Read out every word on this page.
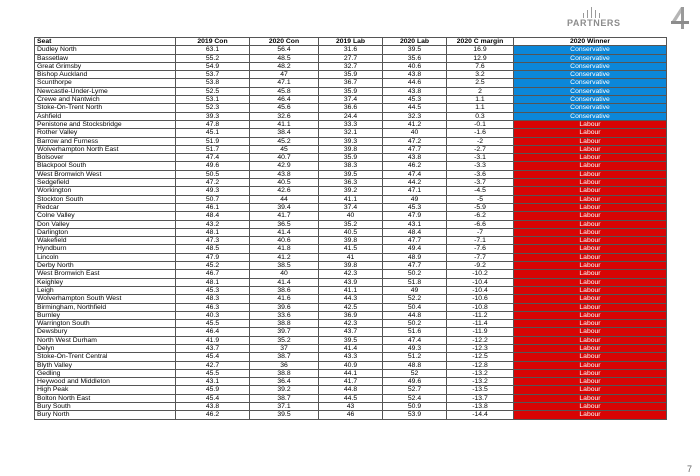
PARTNERS
Seat	2019 Con	2020 Con	2019 Lab	2020 Lab	2020 C margin	2020 Winner
Dudley North	63.1	56.4	31.6	39.5	16.9	Conservative
Bassetlaw	55.2	48.5	27.7	35.6	12.9	Conservative
Great Grimsby	54.9	48.2	32.7	40.6	7.6	Conservative
Bishop Auckland	53.7	47	35.9	43.8	3.2	Conservative
Scunthorpe	53.8	47.1	36.7	44.6	2.5	Conservative
Newcastle-Under-Lyme	52.5	45.8	35.9	43.8	2	Conservative
Crewe and Nantwich	53.1	46.4	37.4	45.3	1.1	Conservative
Stoke-On-Trent North	52.3	45.6	36.6	44.5	1.1	Conservative
Ashfield	39.3	32.6	24.4	32.3	0.3	Conservative
Penistone and Stocksbridge	47.8	41.1	33.3	41.2	-0.1	Labour
Rother Valley	45.1	38.4	32.1	40	-1.6	Labour
Barrow and Furness	51.9	45.2	39.3	47.2	-2	Labour
Wolverhampton North East	51.7	45	39.8	47.7	-2.7	Labour
Bolsover	47.4	40.7	35.9	43.8	-3.1	Labour
Blackpool South	49.6	42.9	38.3	46.2	-3.3	Labour
West Bromwich West	50.5	43.8	39.5	47.4	-3.6	Labour
Sedgefield	47.2	40.5	36.3	44.2	-3.7	Labour
Workington	49.3	42.6	39.2	47.1	-4.5	Labour
Stockton South	50.7	44	41.1	49	-5	Labour
Redcar	46.1	39.4	37.4	45.3	-5.9	Labour
Colne Valley	48.4	41.7	40	47.9	-6.2	Labour
Don Valley	43.2	36.5	35.2	43.1	-6.6	Labour
Darlington	48.1	41.4	40.5	48.4	-7	Labour
Wakefield	47.3	40.6	39.8	47.7	-7.1	Labour
Hyndburn	48.5	41.8	41.5	49.4	-7.6	Labour
Lincoln	47.9	41.2	41	48.9	-7.7	Labour
Derby North	45.2	38.5	39.8	47.7	-9.2	Labour
West Bromwich East	46.7	40	42.3	50.2	-10.2	Labour
Keighley	48.1	41.4	43.9	51.8	-10.4	Labour
Leigh	45.3	38.6	41.1	49	-10.4	Labour
Wolverhampton South West	48.3	41.6	44.3	52.2	-10.6	Labour
Birmingham, Northfield	46.3	39.6	42.5	50.4	-10.8	Labour
Burnley	40.3	33.6	36.9	44.8	-11.2	Labour
Warrington South	45.5	38.8	42.3	50.2	-11.4	Labour
Dewsbury	46.4	39.7	43.7	51.6	-11.9	Labour
North West Durham	41.9	35.2	39.5	47.4	-12.2	Labour
Delyn	43.7	37	41.4	49.3	-12.3	Labour
Stoke-On-Trent Central	45.4	38.7	43.3	51.2	-12.5	Labour
Blyth Valley	42.7	36	40.9	48.8	-12.8	Labour
Gedling	45.5	38.8	44.1	52	-13.2	Labour
Heywood and Middleton	43.1	36.4	41.7	49.6	-13.2	Labour
High Peak	45.9	39.2	44.8	52.7	-13.5	Labour
Bolton North East	45.4	38.7	44.5	52.4	-13.7	Labour
Bury South	43.8	37.1	43	50.9	-13.8	Labour
Bury North	46.2	39.5	46	53.9	-14.4	Labour
7
